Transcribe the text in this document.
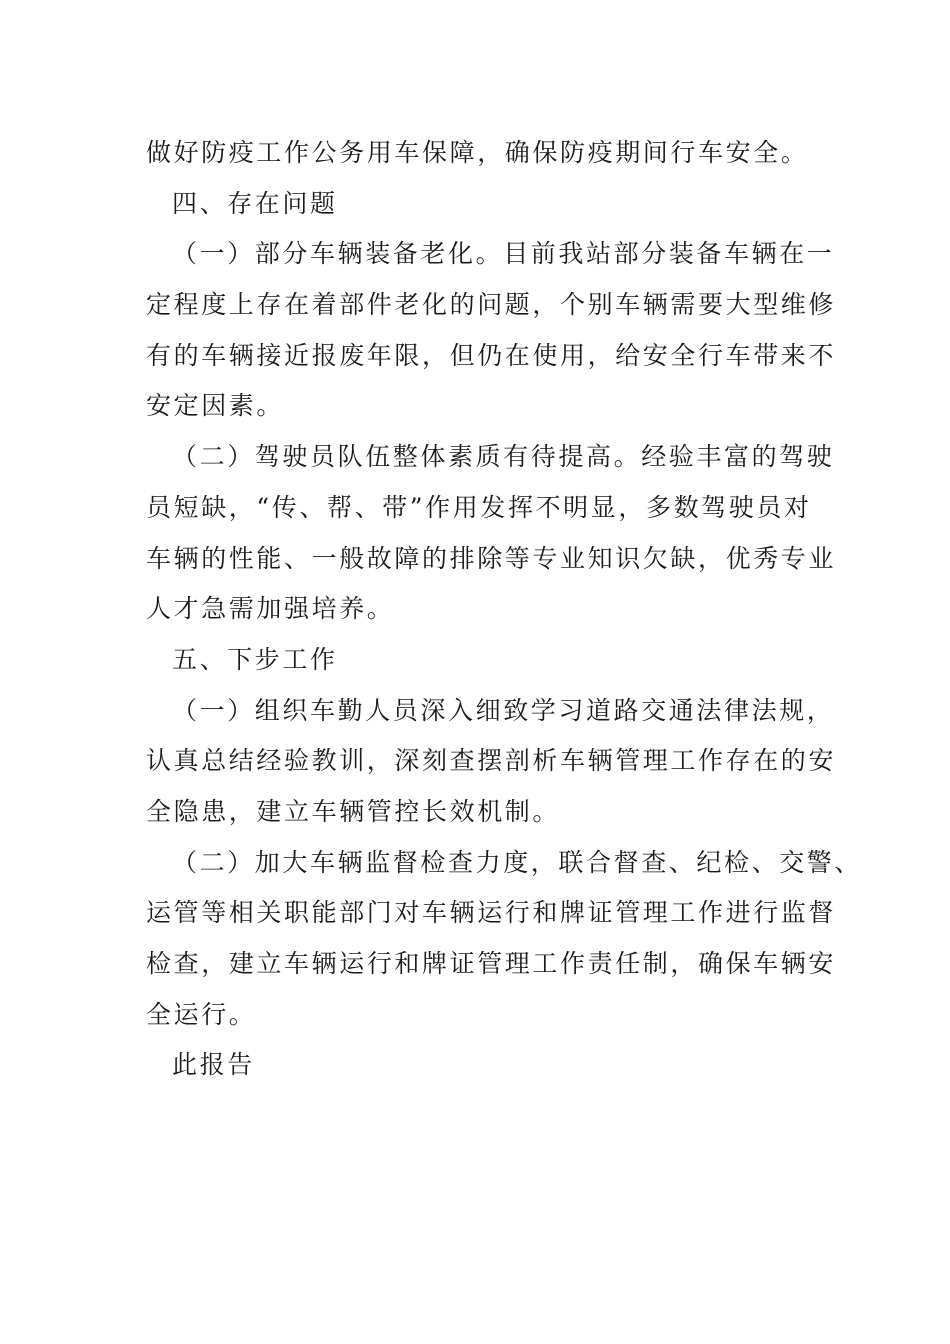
做好防疫工作公务用车保障，确保防疫期间行车安全。
四、存在问题
（一）部分车辆装备老化。目前我站部分装备车辆在一
定程度上存在着部件老化的问题，个别车辆需要大型维修
有的车辆接近报废年限，但仍在使用，给安全行车带来不
安定因素。
（二）驾驶员队伍整体素质有待提高。经验丰富的驾驶
员短缺，“传、帮、带”作用发挥不明显，多数驾驶员对
车辆的性能、一般故障的排除等专业知识欠缺，优秀专业
人才急需加强培养。
五、下步工作
（一）组织车勤人员深入细致学习道路交通法律法规，
认真总结经验教训，深刻查摆剖析车辆管理工作存在的安
全隐患，建立车辆管控长效机制。
（二）加大车辆监督检查力度，联合督查、纪检、交警、
运管等相关职能部门对车辆运行和牌证管理工作进行监督
检查，建立车辆运行和牌证管理工作责任制，确保车辆安
全运行。
此报告
